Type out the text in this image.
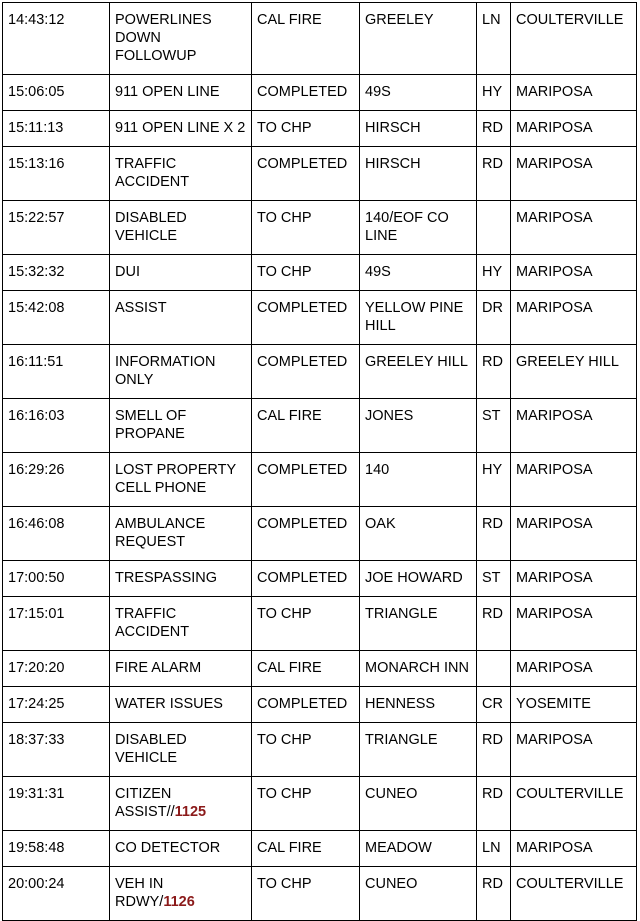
14:43:12	POWERLINES DOWN FOLLOWUP	CAL FIRE	GREELEY	LN	COULTERVILLE
15:06:05	911 OPEN LINE	COMPLETED	49S	HY	MARIPOSA
15:11:13	911 OPEN LINE X 2	TO CHP	HIRSCH	RD	MARIPOSA
15:13:16	TRAFFIC ACCIDENT	COMPLETED	HIRSCH	RD	MARIPOSA
15:22:57	DISABLED VEHICLE	TO CHP	140/EOF CO LINE		MARIPOSA
15:32:32	DUI	TO CHP	49S	HY	MARIPOSA
15:42:08	ASSIST	COMPLETED	YELLOW PINE HILL	DR	MARIPOSA
16:11:51	INFORMATION ONLY	COMPLETED	GREELEY HILL	RD	GREELEY HILL
16:16:03	SMELL OF PROPANE	CAL FIRE	JONES	ST	MARIPOSA
16:29:26	LOST PROPERTY CELL PHONE	COMPLETED	140	HY	MARIPOSA
16:46:08	AMBULANCE REQUEST	COMPLETED	OAK	RD	MARIPOSA
17:00:50	TRESPASSING	COMPLETED	JOE HOWARD	ST	MARIPOSA
17:15:01	TRAFFIC ACCIDENT	TO CHP	TRIANGLE	RD	MARIPOSA
17:20:20	FIRE ALARM	CAL FIRE	MONARCH INN		MARIPOSA
17:24:25	WATER ISSUES	COMPLETED	HENNESS	CR	YOSEMITE
18:37:33	DISABLED VEHICLE	TO CHP	TRIANGLE	RD	MARIPOSA
19:31:31	CITIZEN ASSIST//1125	TO CHP	CUNEO	RD	COULTERVILLE
19:58:48	CO DETECTOR	CAL FIRE	MEADOW	LN	MARIPOSA
20:00:24	VEH IN RDWY/1126	TO CHP	CUNEO	RD	COULTERVILLE
